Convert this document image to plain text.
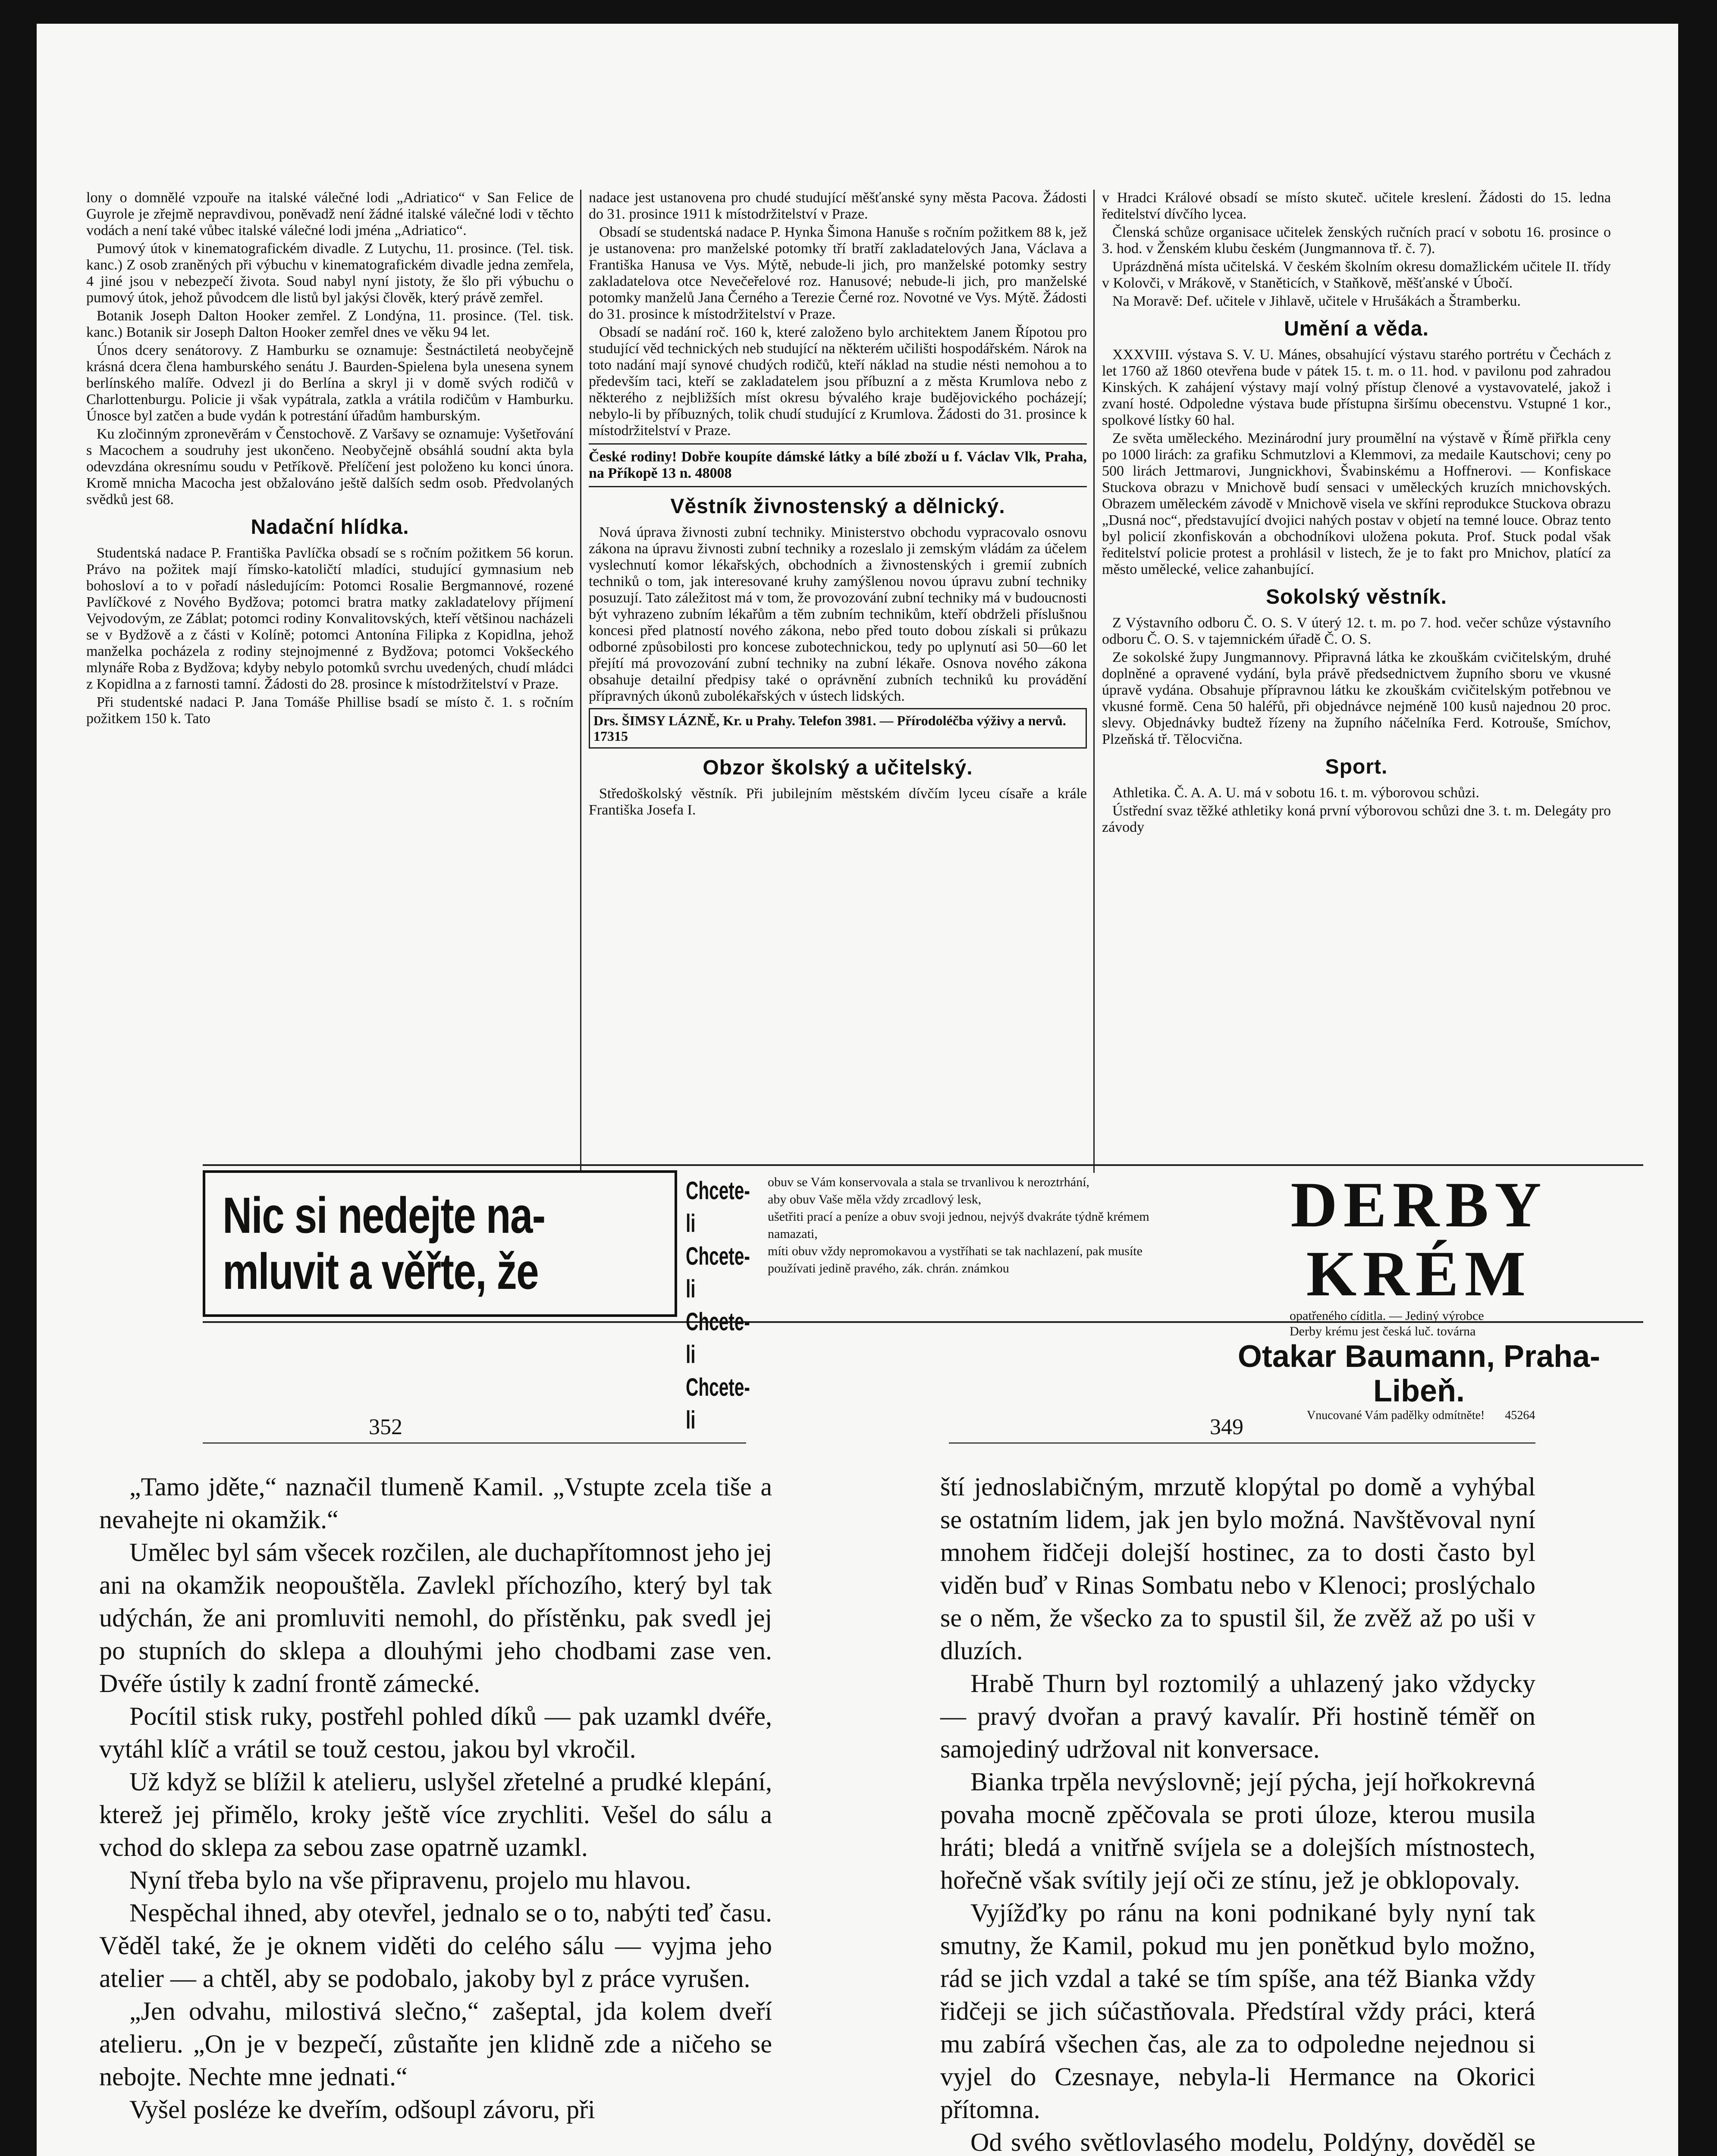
lony o domnělé vzpouře na italské válečné lodi „Adriatico“ v San Felice de Guyrole je zřejmě nepravdivou, poněvadž není žádné italské válečné lodi v těchto vodách a není také vůbec italské válečné lodi jména „Adriatico“.

Pumový útok v kinematografickém divadle. Z Lutychu, 11. prosince. (Tel. tisk. kanc.) Z osob zraněných při výbuchu v kinematografickém divadle jedna zemřela, 4 jiné jsou v nebezpečí života. Soud nabyl nyní jistoty, že šlo při výbuchu o pumový útok, jehož původcem dle listů byl jakýsi člověk, který právě zemřel.

Botanik Joseph Dalton Hooker zemřel. Z Londýna, 11. prosince. (Tel. tisk. kanc.) Botanik sir Joseph Dalton Hooker zemřel dnes ve věku 94 let.

Únos dcery senátorovy. Z Hamburku se oznamuje: Šestnáctiletá neobyčejně krásná dcera člena hamburského senátu J. Baurden-Spielena byla unesena synem berlínského malíře. Odvezl ji do Berlína a skryl ji v domě svých rodičů v Charlottenburgu. Policie ji však vypátrala, zatkla a vrátila rodičům v Hamburku. Únosce byl zatčen a bude vydán k potrestání úřadům hamburským.

Ku zločinným zpronevěrám v Čenstochově. Z Varšavy se oznamuje: Vyšetřování s Macochem a soudruhy jest ukončeno. Neobyčejně obsáhlá soudní akta byla odevzdána okresnímu soudu v Petříkově. Přelíčení jest položeno ku konci února. Kromě mnicha Macocha jest obžalováno ještě dalších sedm osob. Předvolaných svědků jest 68.

Nadační hlídka.

Studentská nadace P. Františka Pavlíčka obsadí se s ročním požitkem 56 korun. Právo na požitek mají římsko-katoličtí mladíci, studující gymnasium neb bohosloví a to v pořadí následujícím: Potomci Rosalie Bergmannové, rozené Pavlíčkové z Nového Bydžova; potomci bratra matky zakladatelovy příjmení Vejvodovým, ze Záblat; potomci rodiny Konvalitovských, kteří většinou nacházeli se v Bydžově a z části v Kolíně; potomci Antonína Filipka z Kopidlna, jehož manželka pocházela z rodiny stejnojmenné z Bydžova; potomci Vokšeckého mlynáře Roba z Bydžova; kdyby nebylo potomků svrchu uvedených, chudí mládci z Kopidlna a z farnosti tamní. Žádosti do 28. prosince k místodržitelství v Praze.

Při studentské nadaci P. Jana Tomáše Phillise bsadí se místo č. 1. s ročním požitkem 150 k. Tato

nadace jest ustanovena pro chudé studující měšťanské syny města Pacova. Žádosti do 31. prosince 1911 k místodržitelství v Praze.

Obsadí se studentská nadace P. Hynka Šimona Hanuše s ročním požitkem 88 k, jež je ustanovena: pro manželské potomky tří bratří zakladatelových Jana, Václava a Františka Hanusa ve Vys. Mýtě, nebude-li jich, pro manželské potomky sestry zakladatelova otce Nevečeřelové roz. Hanusové; nebude-li jich, pro manželské potomky manželů Jana Černého a Terezie Černé roz. Novotné ve Vys. Mýtě. Žádosti do 31. prosince k místodržitelství v Praze.

Obsadí se nadání roč. 160 k, které založeno bylo architektem Janem Řípotou pro studující věd technických neb studující na některém učilišti hospodářském. Nárok na toto nadání mají synové chudých rodičů, kteří náklad na studie nésti nemohou a to především taci, kteří se zakladatelem jsou příbuzní a z města Krumlova nebo z některého z nejbližších míst okresu bývalého kraje budějovického pocházejí; nebylo-li by příbuzných, tolik chudí studující z Krumlova. Žádosti do 31. prosince k místodržitelství v Praze.

České rodiny! Dobře koupíte dámské látky a bílé zboží u f. Václav Vlk, Praha, na Příkopě 13 n. 48008

Věstník živnostenský a dělnický.

Nová úprava živnosti zubní techniky. Ministerstvo obchodu vypracovalo osnovu zákona na úpravu živnosti zubní techniky a rozeslalo ji zemským vládám za účelem vyslechnutí komor lékařských, obchodních a živnostenských i gremií zubních techniků o tom, jak interesované kruhy zamýšlenou novou úpravu zubní techniky posuzují. Tato záležitost má v tom, že provozování zubní techniky má v budoucnosti být vyhrazeno zubním lékařům a těm zubním technikům, kteří obdrželi příslušnou koncesi před platností nového zákona, nebo před touto dobou získali si průkazu odborné způsobilosti pro koncese zubotechnickou, tedy po uplynutí asi 50—60 let přejítí má provozování zubní techniky na zubní lékaře. Osnova nového zákona obsahuje detailní předpisy také o oprávnění zubních techniků ku provádění přípravných úkonů zubolékařských v ústech lidských.

Drs. ŠIMSY LÁZNĚ, Kr. u Prahy. Telefon 3981. — Přírodoléčba výživy a nervů. 17315
Obzor školský a učitelský.

Středoškolský věstník. Při jubilejním městském dívčím lyceu císaře a krále Františka Josefa I.

v Hradci Králové obsadí se místo skuteč. učitele kreslení. Žádosti do 15. ledna ředitelství dívčího lycea.

Členská schůze organisace učitelek ženských ručních prací v sobotu 16. prosince o 3. hod. v Ženském klubu českém (Jungmannova tř. č. 7).

Uprázdněná místa učitelská. V českém školním okresu domažlickém učitele II. třídy v Kolovči, v Mrákově, v Staněticích, v Staňkově, měšťanské v Úbočí.

Na Moravě: Def. učitele v Jihlavě, učitele v Hrušákách a Štramberku.

Umění a věda.

XXXVIII. výstava S. V. U. Mánes, obsahující výstavu starého portrétu v Čechách z let 1760 až 1860 otevřena bude v pátek 15. t. m. o 11. hod. v pavilonu pod zahradou Kinských. K zahájení výstavy mají volný přístup členové a vystavovatelé, jakož i zvaní hosté. Odpoledne výstava bude přístupna širšímu obecenstvu. Vstupné 1 kor., spolkové lístky 60 hal.

Ze světa uměleckého. Mezinárodní jury proumělní na výstavě v Římě přiřkla ceny po 1000 lirách: za grafiku Schmutzlovi a Klemmovi, za medaile Kautschovi; ceny po 500 lirách Jettmarovi, Jungnickhovi, Švabinskému a Hoffnerovi. — Konfiskace Stuckova obrazu v Mnichově budí sensaci v uměleckých kruzích mnichovských. Obrazem uměleckém závodě v Mnichově visela ve skříni reprodukce Stuckova obrazu „Dusná noc“, představující dvojici nahých postav v objetí na temné louce. Obraz tento byl policií zkonfiskován a obchodníkovi uložena pokuta. Prof. Stuck podal však ředitelství policie protest a prohlásil v listech, že je to fakt pro Mnichov, platící za město umělecké, velice zahanbující.

Sokolský věstník.

Z Výstavního odboru Č. O. S. V úterý 12. t. m. po 7. hod. večer schůze výstavního odboru Č. O. S. v tajemnickém úřadě Č. O. S.

Ze sokolské župy Jungmannovy. Připravná látka ke zkouškám cvičitelským, druhé doplněné a opravené vydání, byla právě předsednictvem župního sboru ve vkusné úpravě vydána. Obsahuje přípravnou látku ke zkouškám cvičitelským potřebnou ve vkusné formě. Cena 50 haléřů, při objednávce nejméně 100 kusů najednou 20 proc. slevy. Objednávky budtež řízeny na župního náčelníka Ferd. Kotrouše, Smíchov, Plzeňská tř. Tělocvična.

Sport.

Athletika. Č. A. A. U. má v sobotu 16. t. m. výborovou schůzi.

Ústřední svaz těžké athletiky koná první výborovou schůzi dne 3. t. m. Delegáty pro závody

Nic si nedejte na-
mluvit a věřte, že
Chcete-li
Chcete-li
Chcete-li
Chcete-li
obuv se Vám konservovala a stala se trvanlivou k neroztrhání,
aby obuv Vaše měla vždy zrcadlový lesk,
ušetřiti prací a peníze a obuv svoji jednou, nejvýš dvakráte týdně krémem namazati,
míti obuv vždy nepromokavou a vystříhati se tak nachlazení, pak musíte používati jedině pravého, zák. chrán. známkou
DERBY KRÉM
opatřeného cíditla. — Jediný výrobce
Derby krému jest česká luč. továrna
Otakar Baumann, Praha-Libeň.
Vnucované Vám padělky odmítněte! 45264
352	349

„Tamo jděte,“ naznačil tlumeně Kamil. „Vstupte zcela tiše a nevahejte ni okamžik.“

Umělec byl sám všecek rozčilen, ale duchapřítomnost jeho jej ani na okamžik neopouštěla. Zavlekl příchozího, který byl tak udýchán, že ani promluviti nemohl, do přístěnku, pak svedl jej po stupních do sklepa a dlouhými jeho chodbami zase ven. Dvéře ústily k zadní frontě zámecké.

Pocítil stisk ruky, postřehl pohled díků — pak uzamkl dvéře, vytáhl klíč a vrátil se touž cestou, jakou byl vkročil.

Už když se blížil k atelieru, uslyšel zřetelné a prudké klepání, kterež jej přimělo, kroky ještě více zrychliti. Vešel do sálu a vchod do sklepa za sebou zase opatrně uzamkl.

Nyní třeba bylo na vše připravenu, projelo mu hlavou.

Nespěchal ihned, aby otevřel, jednalo se o to, nabýti teď času. Věděl také, že je oknem viděti do celého sálu — vyjma jeho atelier — a chtěl, aby se podobalo, jakoby byl z práce vyrušen.

„Jen odvahu, milostivá slečno,“ zašeptal, jda kolem dveří atelieru. „On je v bezpečí, zůstaňte jen klidně zde a ničeho se nebojte. Nechte mne jednati.“

Vyšel posléze ke dveřím, odšoupl závoru, při

ští jednoslabičným, mrzutě klopýtal po domě a vyhýbal se ostatním lidem, jak jen bylo možná. Navštěvoval nyní mnohem řidčeji dolejší hostinec, za to dosti často byl viděn buď v Rinas Sombatu nebo v Klenoci; proslýchalo se o něm, že všecko za to spustil šil, že zvěž až po uši v dluzích.

Hrabě Thurn byl roztomilý a uhlazený jako vždycky — pravý dvořan a pravý kavalír. Při hostině téměř on samojediný udržoval nit konversace.

Bianka trpěla nevýslovně; její pýcha, její hořkokrevná povaha mocně zpěčovala se proti úloze, kterou musila hráti; bledá a vnitřně svíjela se a dolejších místnostech, hořečně však svítily její oči ze stínu, jež je obklopovaly.

Vyjížďky po ránu na koni podnikané byly nyní tak smutny, že Kamil, pokud mu jen ponětkud bylo možno, rád se jich vzdal a také se tím spíše, ana též Bianka vždy řidčeji se jich súčastňovala. Předstíral vždy práci, která mu zabírá všechen čas, ale za to odpoledne nejednou si vyjel do Czesnaye, nebyla-li Hermance na Okorici přítomna.

Od svého světlovlasého modelu, Poldýny, dověděl se
